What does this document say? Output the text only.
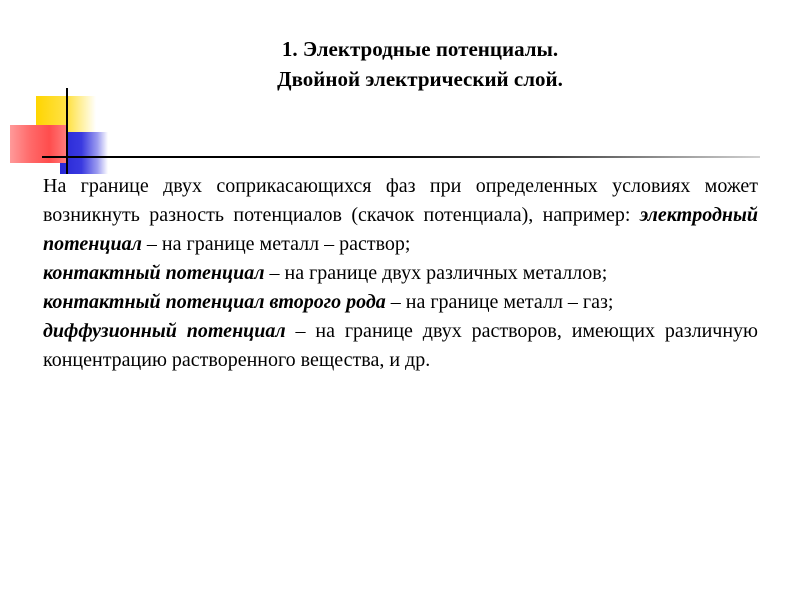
1. Электродные потенциалы.
Двойной электрический слой.

На границе двух соприкасающихся фаз при определенных условиях может возникнуть разность потенциалов (скачок потенциала), например: электродный потенциал – на границе металл – раствор;

контактный потенциал – на границе двух различных металлов;

контактный потенциал второго рода – на границе металл – газ;

диффузионный потенциал – на границе двух растворов, имеющих различную концентрацию растворенного вещества, и др.
